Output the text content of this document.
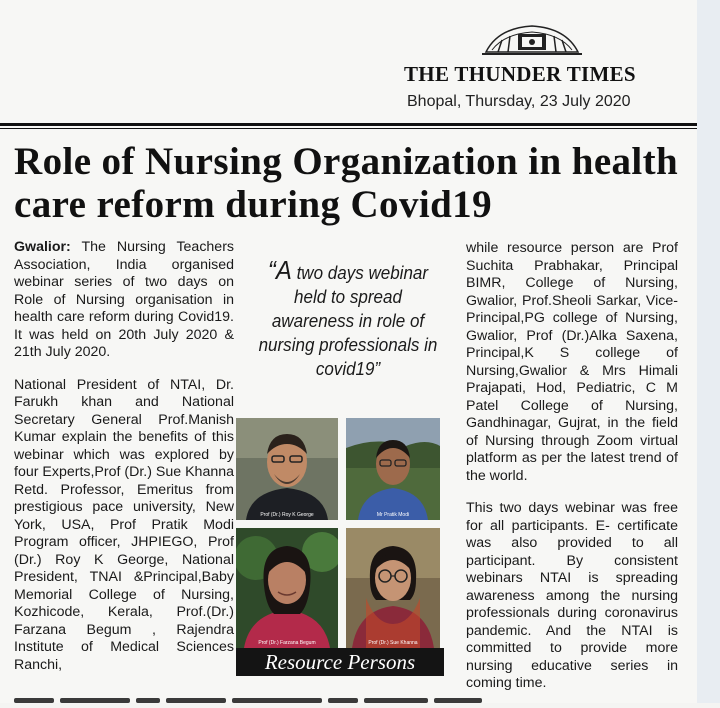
THE THUNDER TIMES
Bhopal, Thursday, 23 July 2020
Role of Nursing Organization in health care reform during Covid19

Gwalior: The Nursing Teachers Association, India organised webinar series of two days on Role of Nursing organisation in health care reform during Covid19. It was held on 20th July 2020 & 21th July 2020.

National President of NTAI, Dr. Farukh khan and National Secretary General Prof.Manish Kumar explain the benefits of this webinar which was explored by four Experts,Prof (Dr.) Sue Khanna Retd. Professor, Emeritus from prestigious pace university, New York, USA, Prof Pratik Modi Program officer, JHPIEGO, Prof (Dr.) Roy K George, National President, TNAI &Principal,Baby Memorial College of Nursing, Kozhicode, Kerala, Prof.(Dr.) Farzana Begum , Rajendra Institute of Medical Sciences Ranchi,

“A two days webinar held to spread awareness in role of nursing professionals in covid19”
Prof (Dr.) Roy K George	Mr Pratik Modi
Prof (Dr.) Farzana Begum	Prof (Dr.) Sue Khanna
Resource Persons

while resource person are Prof Suchita Prabhakar, Principal BIMR, College of Nursing, Gwalior, Prof.Sheoli Sarkar, Vice-Principal,PG college of Nursing, Gwalior, Prof (Dr.)Alka Saxena, Principal,K S college of Nursing,Gwalior & Mrs Himali Prajapati, Hod, Pediatric, C M Patel College of Nursing, Gandhinagar, Gujrat, in the field of Nursing through Zoom virtual platform as per the latest trend of the world.

This two days webinar was free for all participants. E- certificate was also provided to all participant. By consistent webinars NTAI is spreading awareness among the nursing professionals during coronavirus pandemic. And the NTAI is committed to provide more nursing educative series in coming time.
